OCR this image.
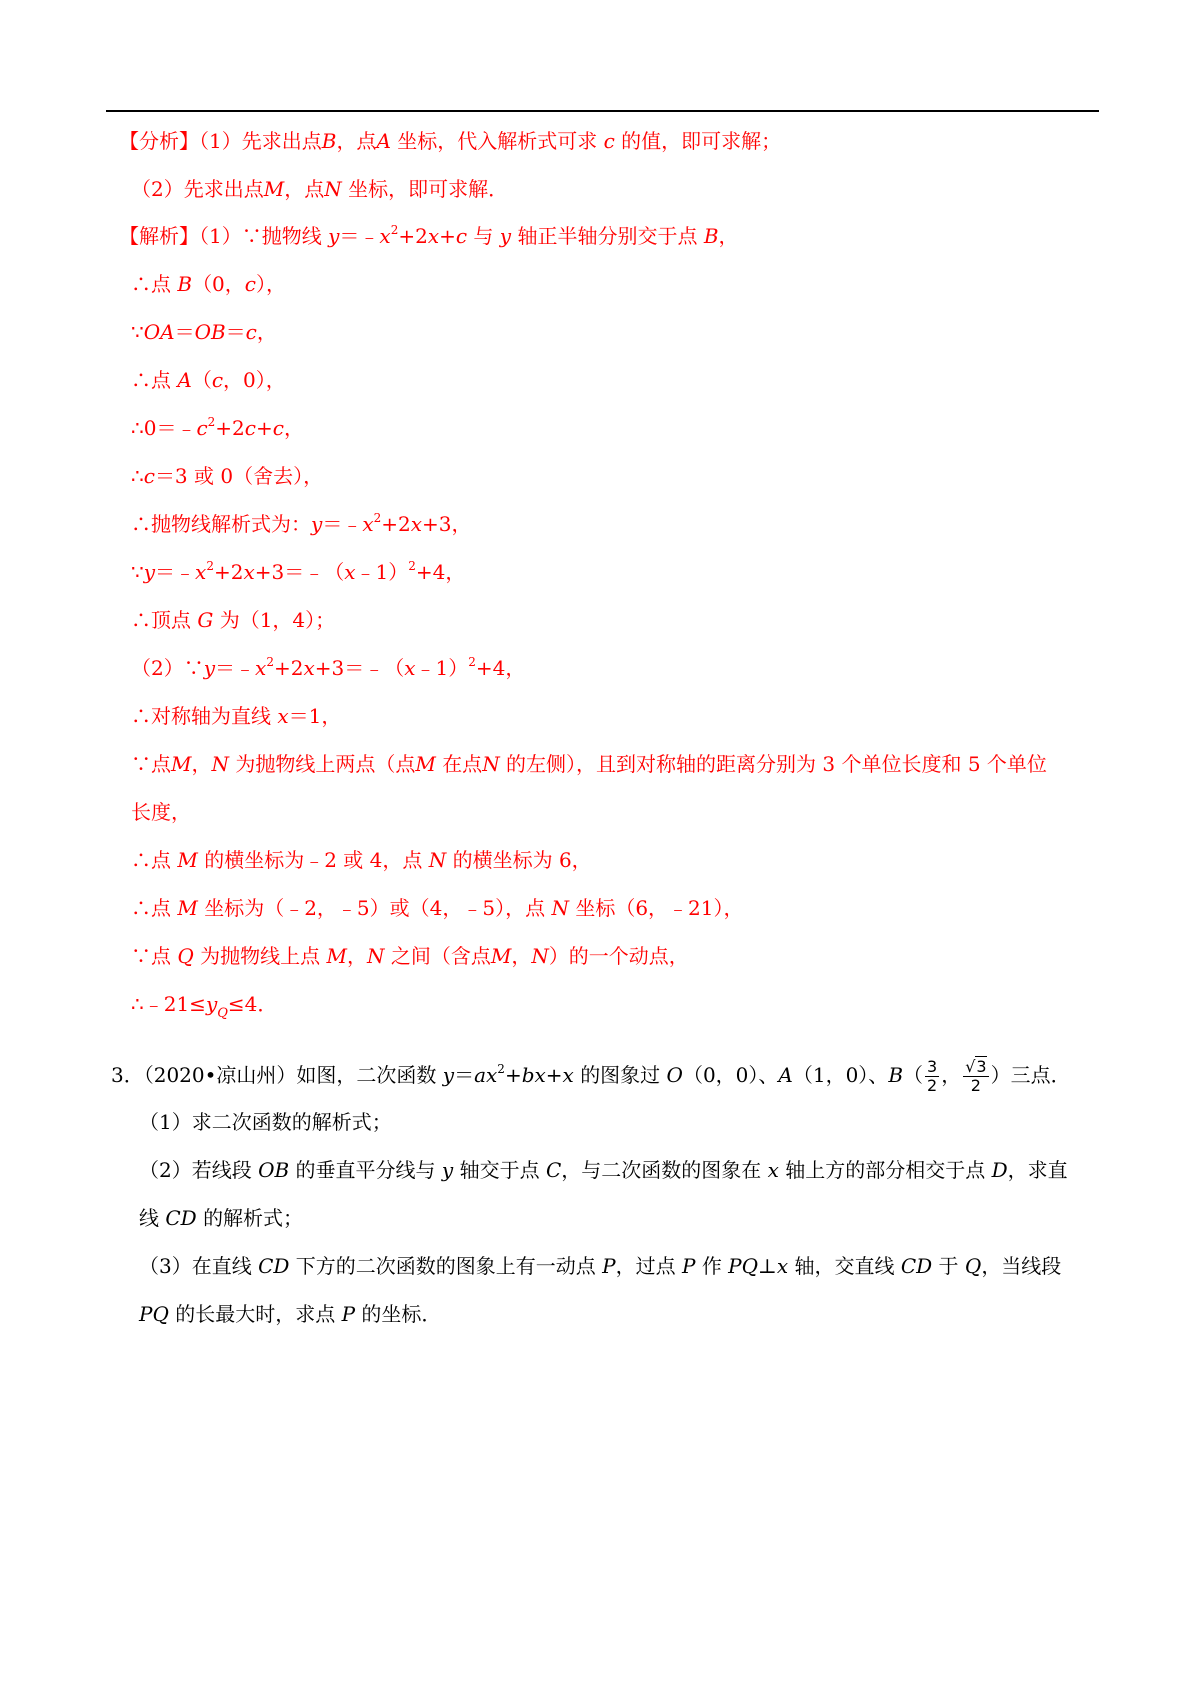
【分析】（1）先求出点B，点A 坐标，代入解析式可求 c 的值，即可求解；
（2）先求出点M，点N 坐标，即可求解．
【解析】（1）∵抛物线 $y=﹣x^2+2x+c$ 与 y 轴正半轴分别交于点 B，
∴点 B（0，c），
∵OA＝OB＝c，
∴点 A（c，0），
$\therefore 0=﹣c^2+2c+c$，
∴c＝3 或 0（舍去），
∴抛物线解析式为：$y=﹣x^2+2x+3$，
$\because y=﹣x^2+2x+3=﹣(x﹣1)^2+4$，
∴顶点 G 为（1，4）；
$(2)\because y=﹣x^2+2x+3=﹣(x﹣1)^2+4$，
∴对称轴为直线 x＝1，
∵点M，N 为抛物线上两点（点M 在点N 的左侧），且到对称轴的距离分别为 3 个单位长度和 5 个单位
长度，
∴点 M 的横坐标为﹣2 或 4，点 N 的横坐标为 6，
∴点 M 坐标为（﹣2，﹣5）或（4，﹣5），点 N 坐标（6，﹣21），
∵点 Q 为抛物线上点 M，N 之间（含点M，N）的一个动点，
$\therefore﹣21\le y_Q\le 4$．
3．（2020•凉山州）如图，二次函数 $y=ax^2+bx+x$ 的图象过 O（0，0）、A（1，0）、$B( \frac{3}{2}$ ， $\frac{√3}{2}$ ）三点．
（1）求二次函数的解析式；
（2）若线段 OB 的垂直平分线与 y 轴交于点 C，与二次函数的图象在 x 轴上方的部分相交于点 D，求直
线 CD 的解析式；
（3）在直线 CD 下方的二次函数的图象上有一动点 P，过点 P 作 PQ⊥x 轴，交直线 CD 于 Q，当线段
PQ 的长最大时，求点 P 的坐标．
